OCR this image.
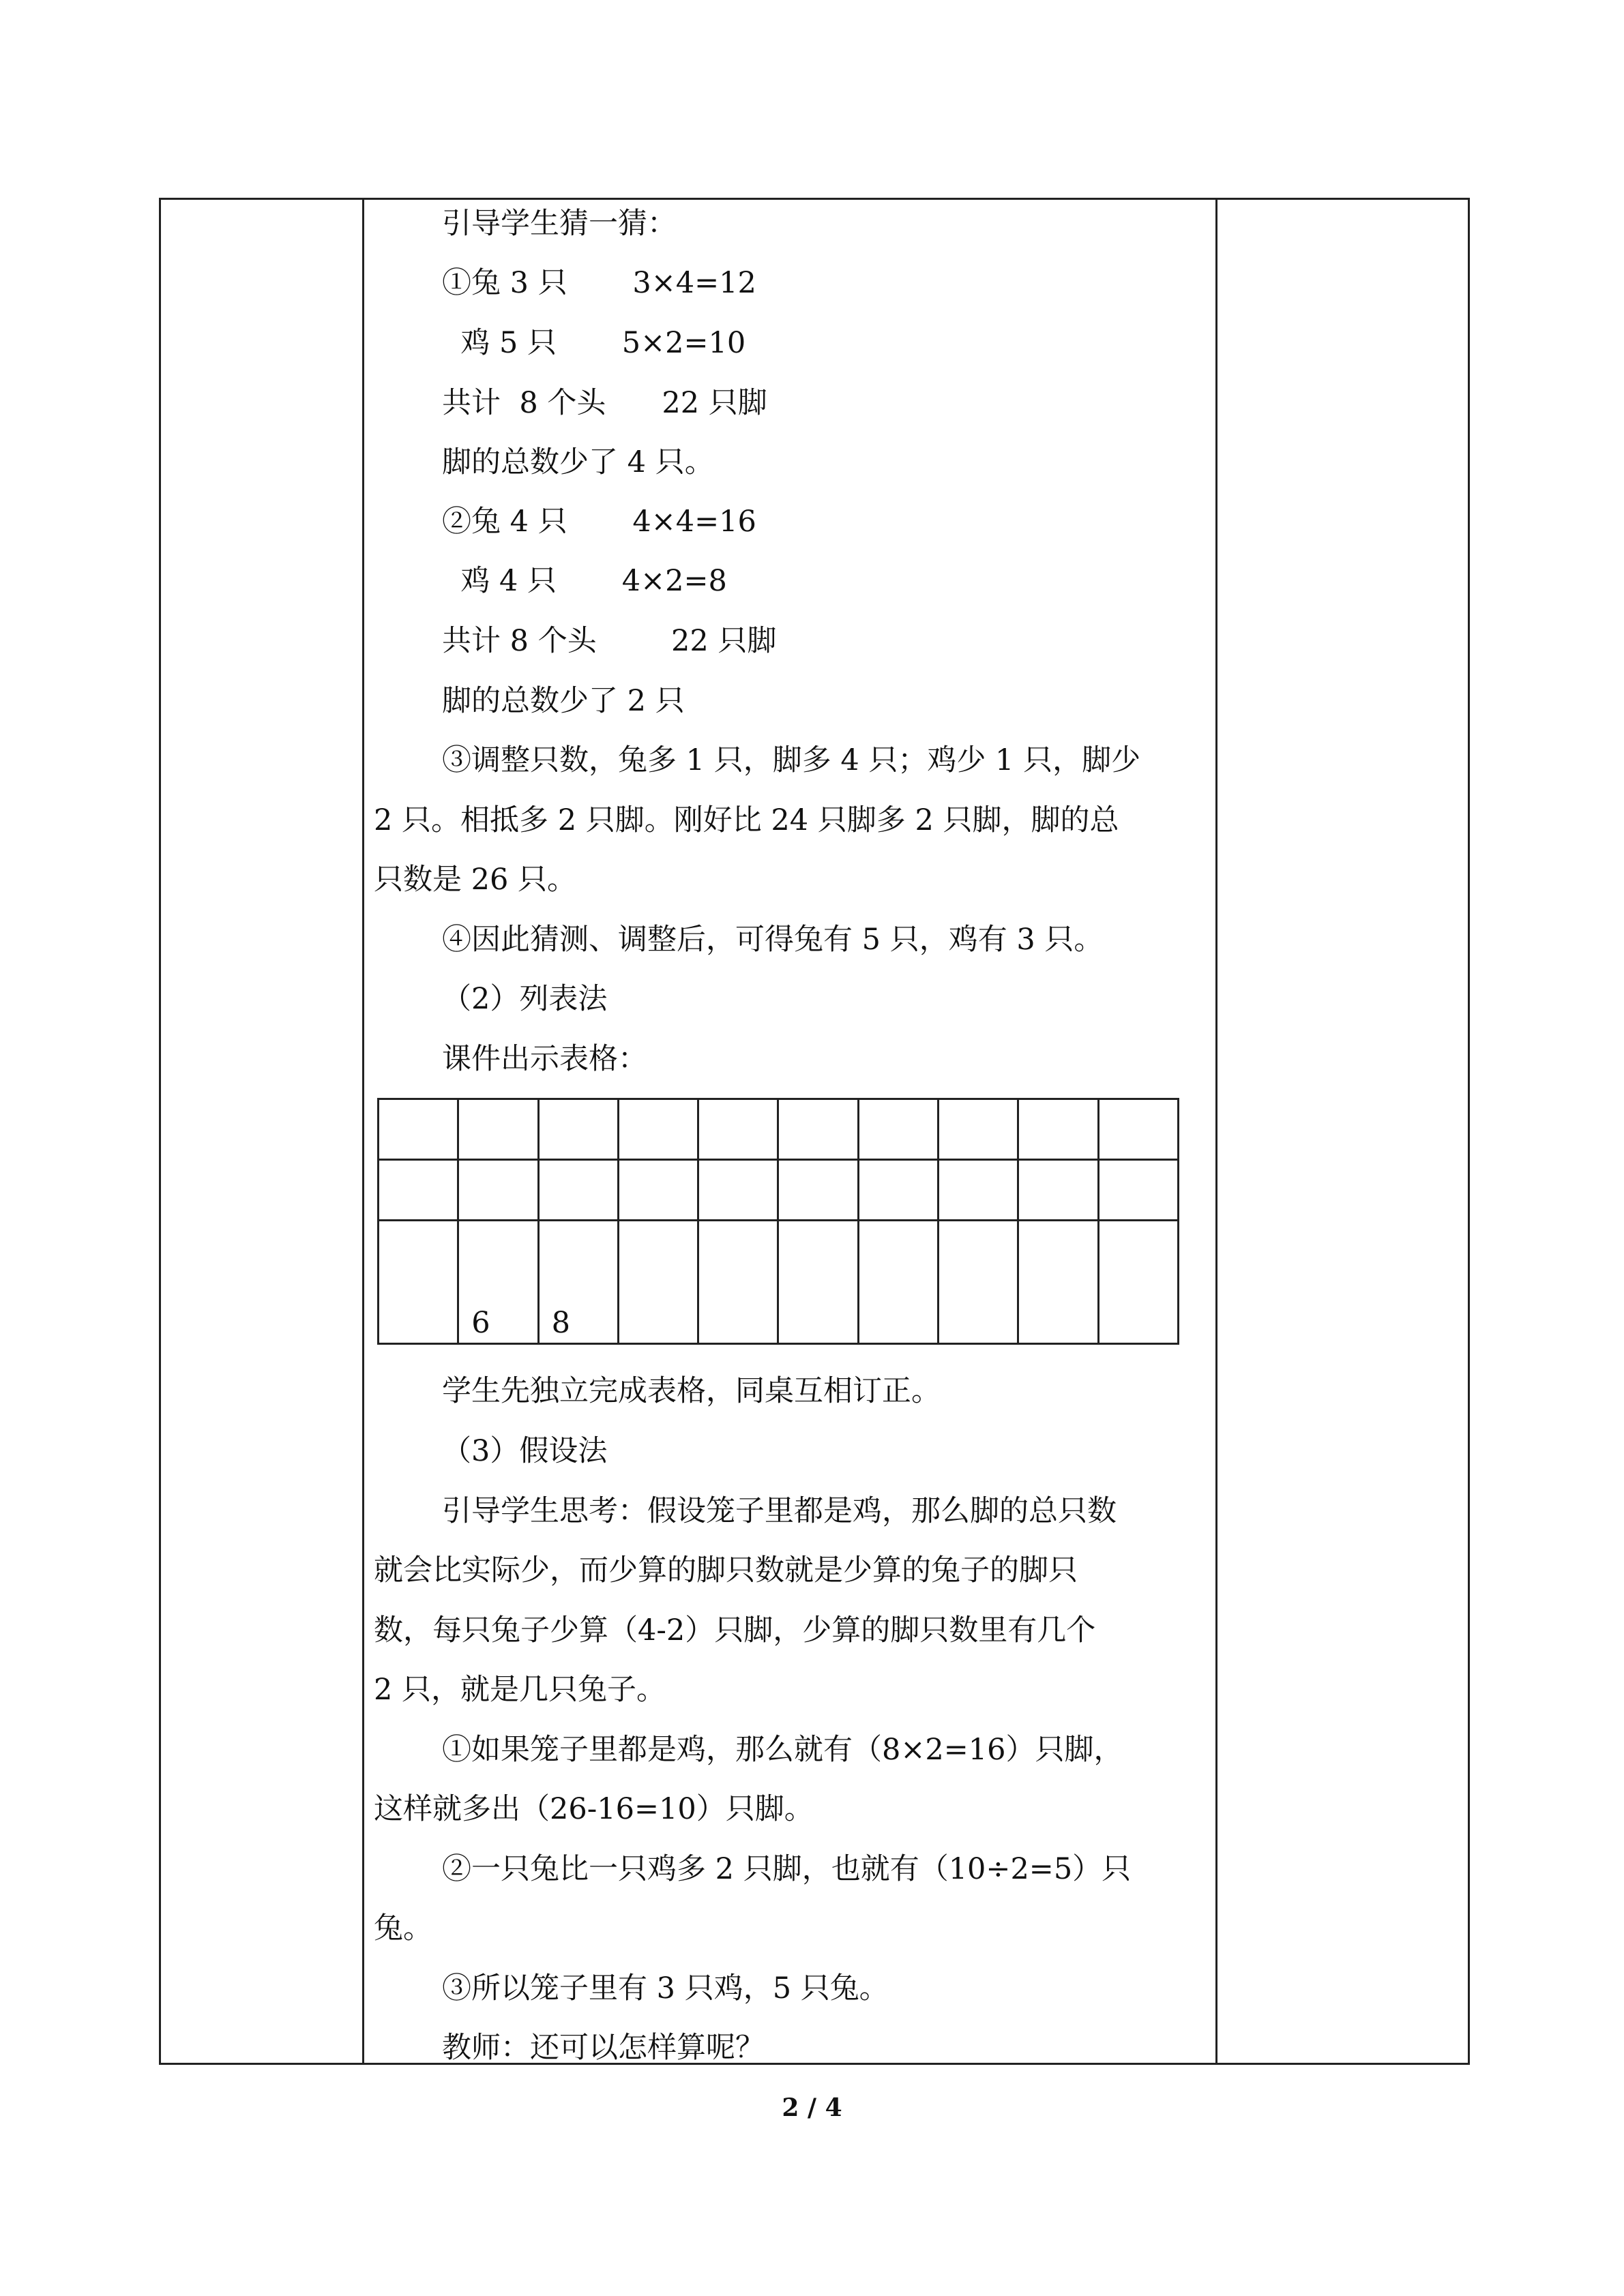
引导学生猜一猜：
①兔 3 只       3×4=12
鸡 5 只       5×2=10
共计  8 个头      22 只脚
脚的总数少了 4 只。
②兔 4 只       4×4=16
鸡 4 只       4×2=8
共计 8 个头        22 只脚
脚的总数少了 2 只
③调整只数，兔多 1 只，脚多 4 只；鸡少 1 只，脚少
2 只。相抵多 2 只脚。刚好比 24 只脚多 2 只脚，脚的总
只数是 26 只。
④因此猜测、调整后，可得兔有 5 只，鸡有 3 只。
（2）列表法
课件出示表格：
学生先独立完成表格，同桌互相订正。
（3）假设法
引导学生思考：假设笼子里都是鸡，那么脚的总只数
就会比实际少，而少算的脚只数就是少算的兔子的脚只
数，每只兔子少算（4-2）只脚，少算的脚只数里有几个
2 只，就是几只兔子。
①如果笼子里都是鸡，那么就有（8×2=16）只脚，
这样就多出（26-16=10）只脚。
②一只兔比一只鸡多 2 只脚，也就有（10÷2=5）只
兔。
③所以笼子里有 3 只鸡，5 只兔。
教师：还可以怎样算呢？

	6	8							

2 / 4
